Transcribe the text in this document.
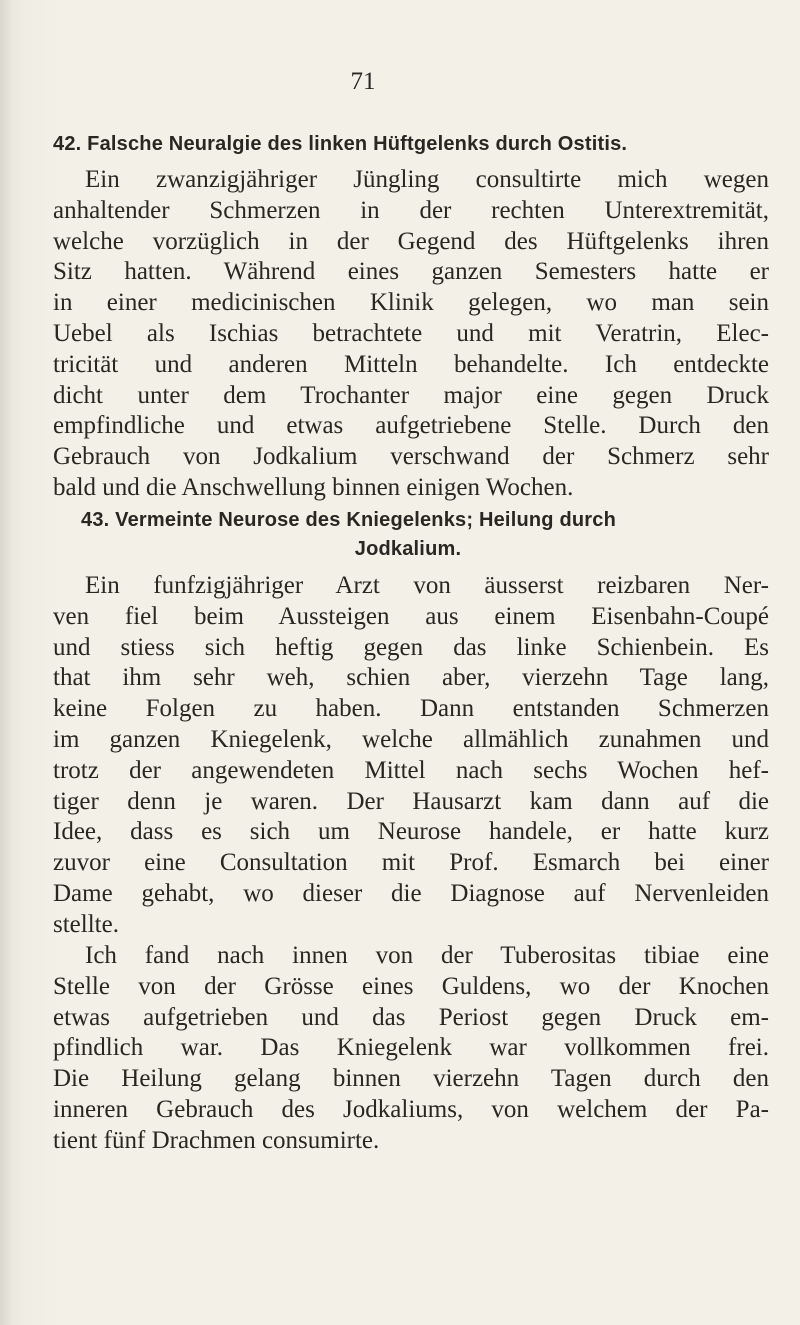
71
42. Falsche Neuralgie des linken Hüftgelenks durch Ostitis.
Ein zwanzigjähriger Jüngling consultirte mich wegen
anhaltender Schmerzen in der rechten Unterextremität,
welche vorzüglich in der Gegend des Hüftgelenks ihren
Sitz hatten. Während eines ganzen Semesters hatte er
in einer medicinischen Klinik gelegen, wo man sein
Uebel als Ischias betrachtete und mit Veratrin, Elec-
tricität und anderen Mitteln behandelte. Ich entdeckte
dicht unter dem Trochanter major eine gegen Druck
empfindliche und etwas aufgetriebene Stelle. Durch den
Gebrauch von Jodkalium verschwand der Schmerz sehr
bald und die Anschwellung binnen einigen Wochen.
43. Vermeinte Neurose des Kniegelenks; Heilung durch
Jodkalium.
Ein funfzigjähriger Arzt von äusserst reizbaren Ner-
ven fiel beim Aussteigen aus einem Eisenbahn-Coupé
und stiess sich heftig gegen das linke Schienbein. Es
that ihm sehr weh, schien aber, vierzehn Tage lang,
keine Folgen zu haben. Dann entstanden Schmerzen
im ganzen Kniegelenk, welche allmählich zunahmen und
trotz der angewendeten Mittel nach sechs Wochen hef-
tiger denn je waren. Der Hausarzt kam dann auf die
Idee, dass es sich um Neurose handele, er hatte kurz
zuvor eine Consultation mit Prof. Esmarch bei einer
Dame gehabt, wo dieser die Diagnose auf Nervenleiden
stellte.
Ich fand nach innen von der Tuberositas tibiae eine
Stelle von der Grösse eines Guldens, wo der Knochen
etwas aufgetrieben und das Periost gegen Druck em-
pfindlich war. Das Kniegelenk war vollkommen frei.
Die Heilung gelang binnen vierzehn Tagen durch den
inneren Gebrauch des Jodkaliums, von welchem der Pa-
tient fünf Drachmen consumirte.
